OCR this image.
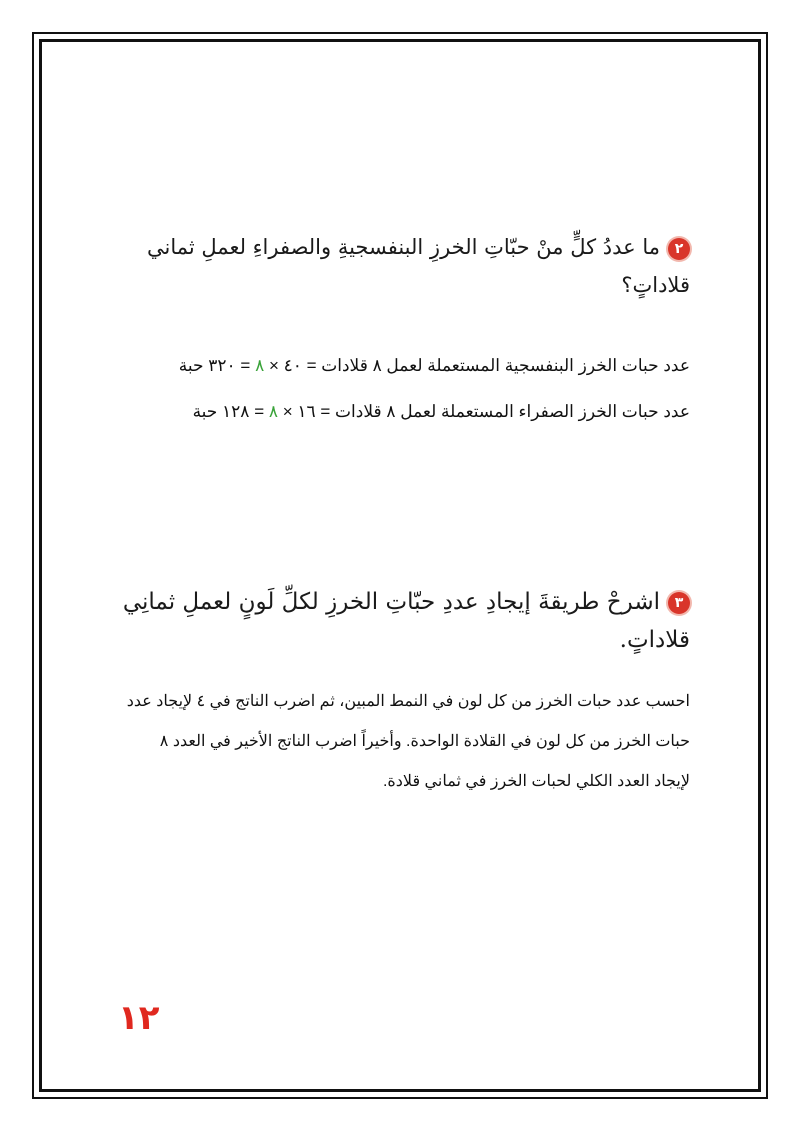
٢ما عددُ كلٍّ منْ حبّاتِ الخرزِ البنفسجيةِ والصفراءِ لعملِ ثماني قلاداتٍ؟
عدد حبات الخرز البنفسجية المستعملة لعمل ٨ قلادات = ٤٠ × ٨ = ٣٢٠ حبة
عدد حبات الخرز الصفراء المستعملة لعمل ٨ قلادات = ١٦ × ٨ = ١٢٨ حبة
٣اشرحْ طريقةَ إيجادِ عددِ حبّاتِ الخرزِ لكلِّ لَونٍ لعملِ ثمانِي قلاداتٍ.
احسب عدد حبات الخرز من كل لون في النمط المبين، ثم اضرب الناتج في ٤ لإيجاد عدد حبات الخرز من كل لون في القلادة الواحدة. وأخيراً اضرب الناتج الأخير في العدد ٨ لإيجاد العدد الكلي لحبات الخرز في ثماني قلادة.
١٢
